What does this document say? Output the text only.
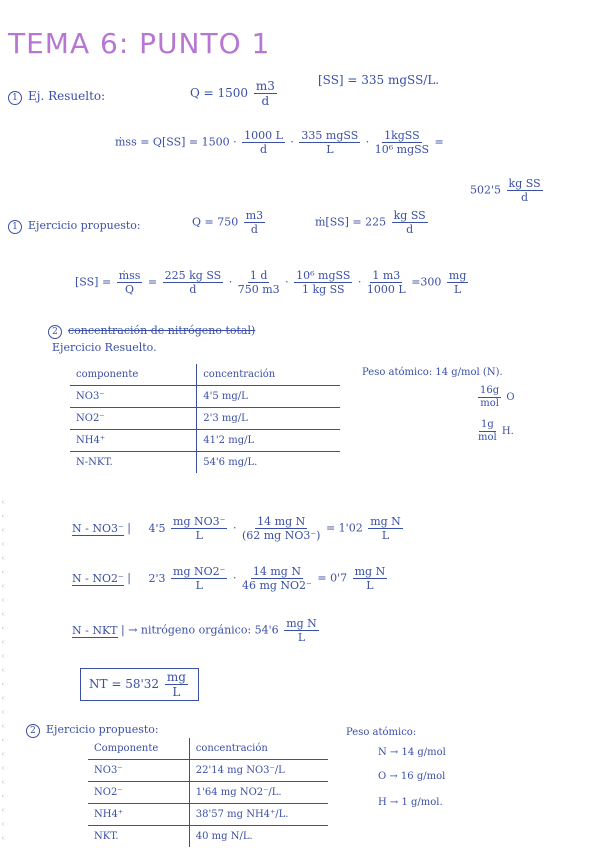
TEMA 6: PUNTO 1
1 Ej. Resuelto:	$Q = 1500 \frac{m3}{d}$	[SS] = 335 mgSS/L.
ṁss = $Q[SS] = 1500 \cdot \frac{1000 L}{d} \cdot \frac{\text{335 mgSS}}{L} \cdot \frac{\text{1kgSS}}{\text{10⁶ mgSS}}$ =
$502'5 \frac{\text{kg SS}}{d}$
1 Ejercicio propuesto:	$Q = 750 \frac{m3}{d}$	ṁ[SS] = $225 \frac{\text{kg SS}}{d}$
$[SS] = \frac{\text{ṁss}}{Q} = \frac{\text{225 kg SS}}{d} \cdot \frac{1 d}{750 m3} \cdot \frac{\text{10⁶ mgSS}}{\text{1 kg SS}} \cdot \frac{1 m3}{1000 L} =300 \frac{mg}{L}$
2 concentración de nitrógeno total)
Ejercicio Resuelto.
componente	concentración
NO3⁻	4'5 mg/L
NO2⁻	2'3 mg/L
NH4⁺	41'2 mg/L
N-NKT.	54'6 mg/L.
Peso atómico: 14 g/mol (N).
$\frac{16g}{\text{mol}}$ O
$\frac{1g}{\text{mol}} H$.
N - NO3⁻ | $4'5 \frac{\text{mg NO3⁻}}{L} \cdot \frac{\text{14 mg N}}{\text{(62 mg NO3⁻)}} = 1'02 \frac{\text{mg N}}{L}$
N - NO2⁻ | $2'3 \frac{\text{mg NO2⁻}}{L} \cdot \frac{\text{14 mg N}}{\text{46 mg NO2⁻}} = 0'7 \frac{\text{mg N}}{L}$
N - NKT | → nitrógeno orgánico: $54'6 \frac{\text{mg N}}{L}$
NT = $58'32 \frac{mg}{L}$
2 Ejercicio propuesto:
Componente	concentración
NO3⁻	22'14 mg NO3⁻/L
NO2⁻	1'64 mg NO2⁻/L.
NH4⁺	38'57 mg NH4⁺/L.
NKT.	40 mg N/L.
Peso atómico:
N → 14 g/mol
O → 16 g/mol
H → 1 g/mol.
